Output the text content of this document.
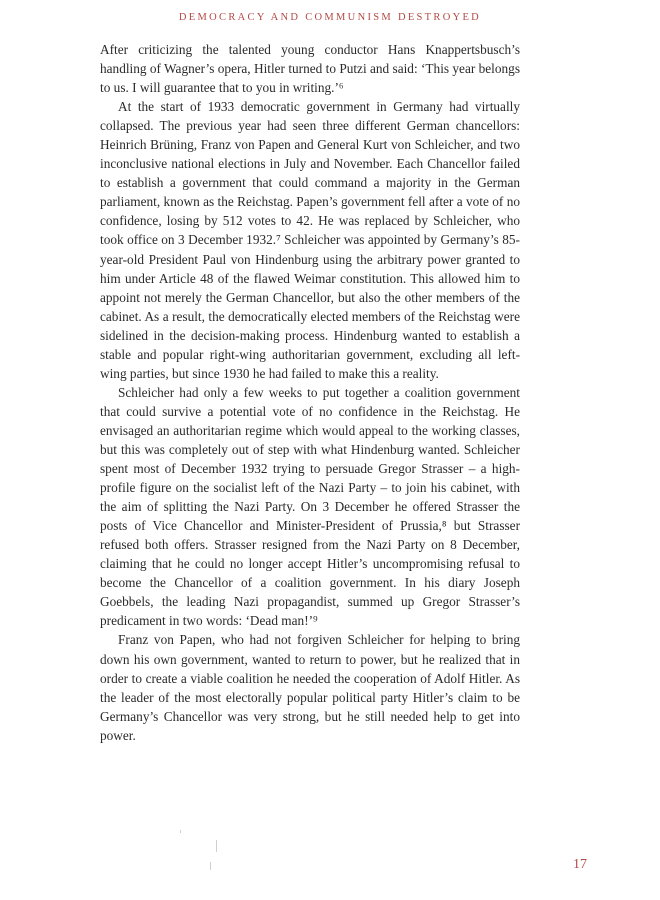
DEMOCRACY AND COMMUNISM DESTROYED

After criticizing the talented young conductor Hans Knappertsbusch’s handling of Wagner’s opera, Hitler turned to Putzi and said: ‘This year belongs to us. I will guarantee that to you in writing.’⁶

At the start of 1933 democratic government in Germany had virtually collapsed. The previous year had seen three different German chancellors: Heinrich Brüning, Franz von Papen and General Kurt von Schleicher, and two inconclusive national elections in July and November. Each Chancellor failed to establish a government that could command a majority in the German parliament, known as the Reichstag. Papen’s government fell after a vote of no confidence, losing by 512 votes to 42. He was replaced by Schleicher, who took office on 3 December 1932.⁷ Schleicher was appointed by Germany’s 85-year-old President Paul von Hindenburg using the arbitrary power granted to him under Article 48 of the flawed Weimar constitution. This allowed him to appoint not merely the German Chancellor, but also the other members of the cabinet. As a result, the democratically elected members of the Reichstag were sidelined in the decision-making process. Hindenburg wanted to establish a stable and popular right-wing authoritarian government, excluding all left-wing parties, but since 1930 he had failed to make this a reality.

Schleicher had only a few weeks to put together a coalition government that could survive a potential vote of no confidence in the Reichstag. He envisaged an authoritarian regime which would appeal to the working classes, but this was completely out of step with what Hindenburg wanted. Schleicher spent most of December 1932 trying to persuade Gregor Strasser – a high-profile figure on the socialist left of the Nazi Party – to join his cabinet, with the aim of splitting the Nazi Party. On 3 December he offered Strasser the posts of Vice Chancellor and Minister-President of Prussia,⁸ but Strasser refused both offers. Strasser resigned from the Nazi Party on 8 December, claiming that he could no longer accept Hitler’s uncompromising refusal to become the Chancellor of a coalition government. In his diary Joseph Goebbels, the leading Nazi propagandist, summed up Gregor Strasser’s predicament in two words: ‘Dead man!’⁹

Franz von Papen, who had not forgiven Schleicher for helping to bring down his own government, wanted to return to power, but he realized that in order to create a viable coalition he needed the cooperation of Adolf Hitler. As the leader of the most electorally popular political party Hitler’s claim to be Germany’s Chancellor was very strong, but he still needed help to get into power.

17
